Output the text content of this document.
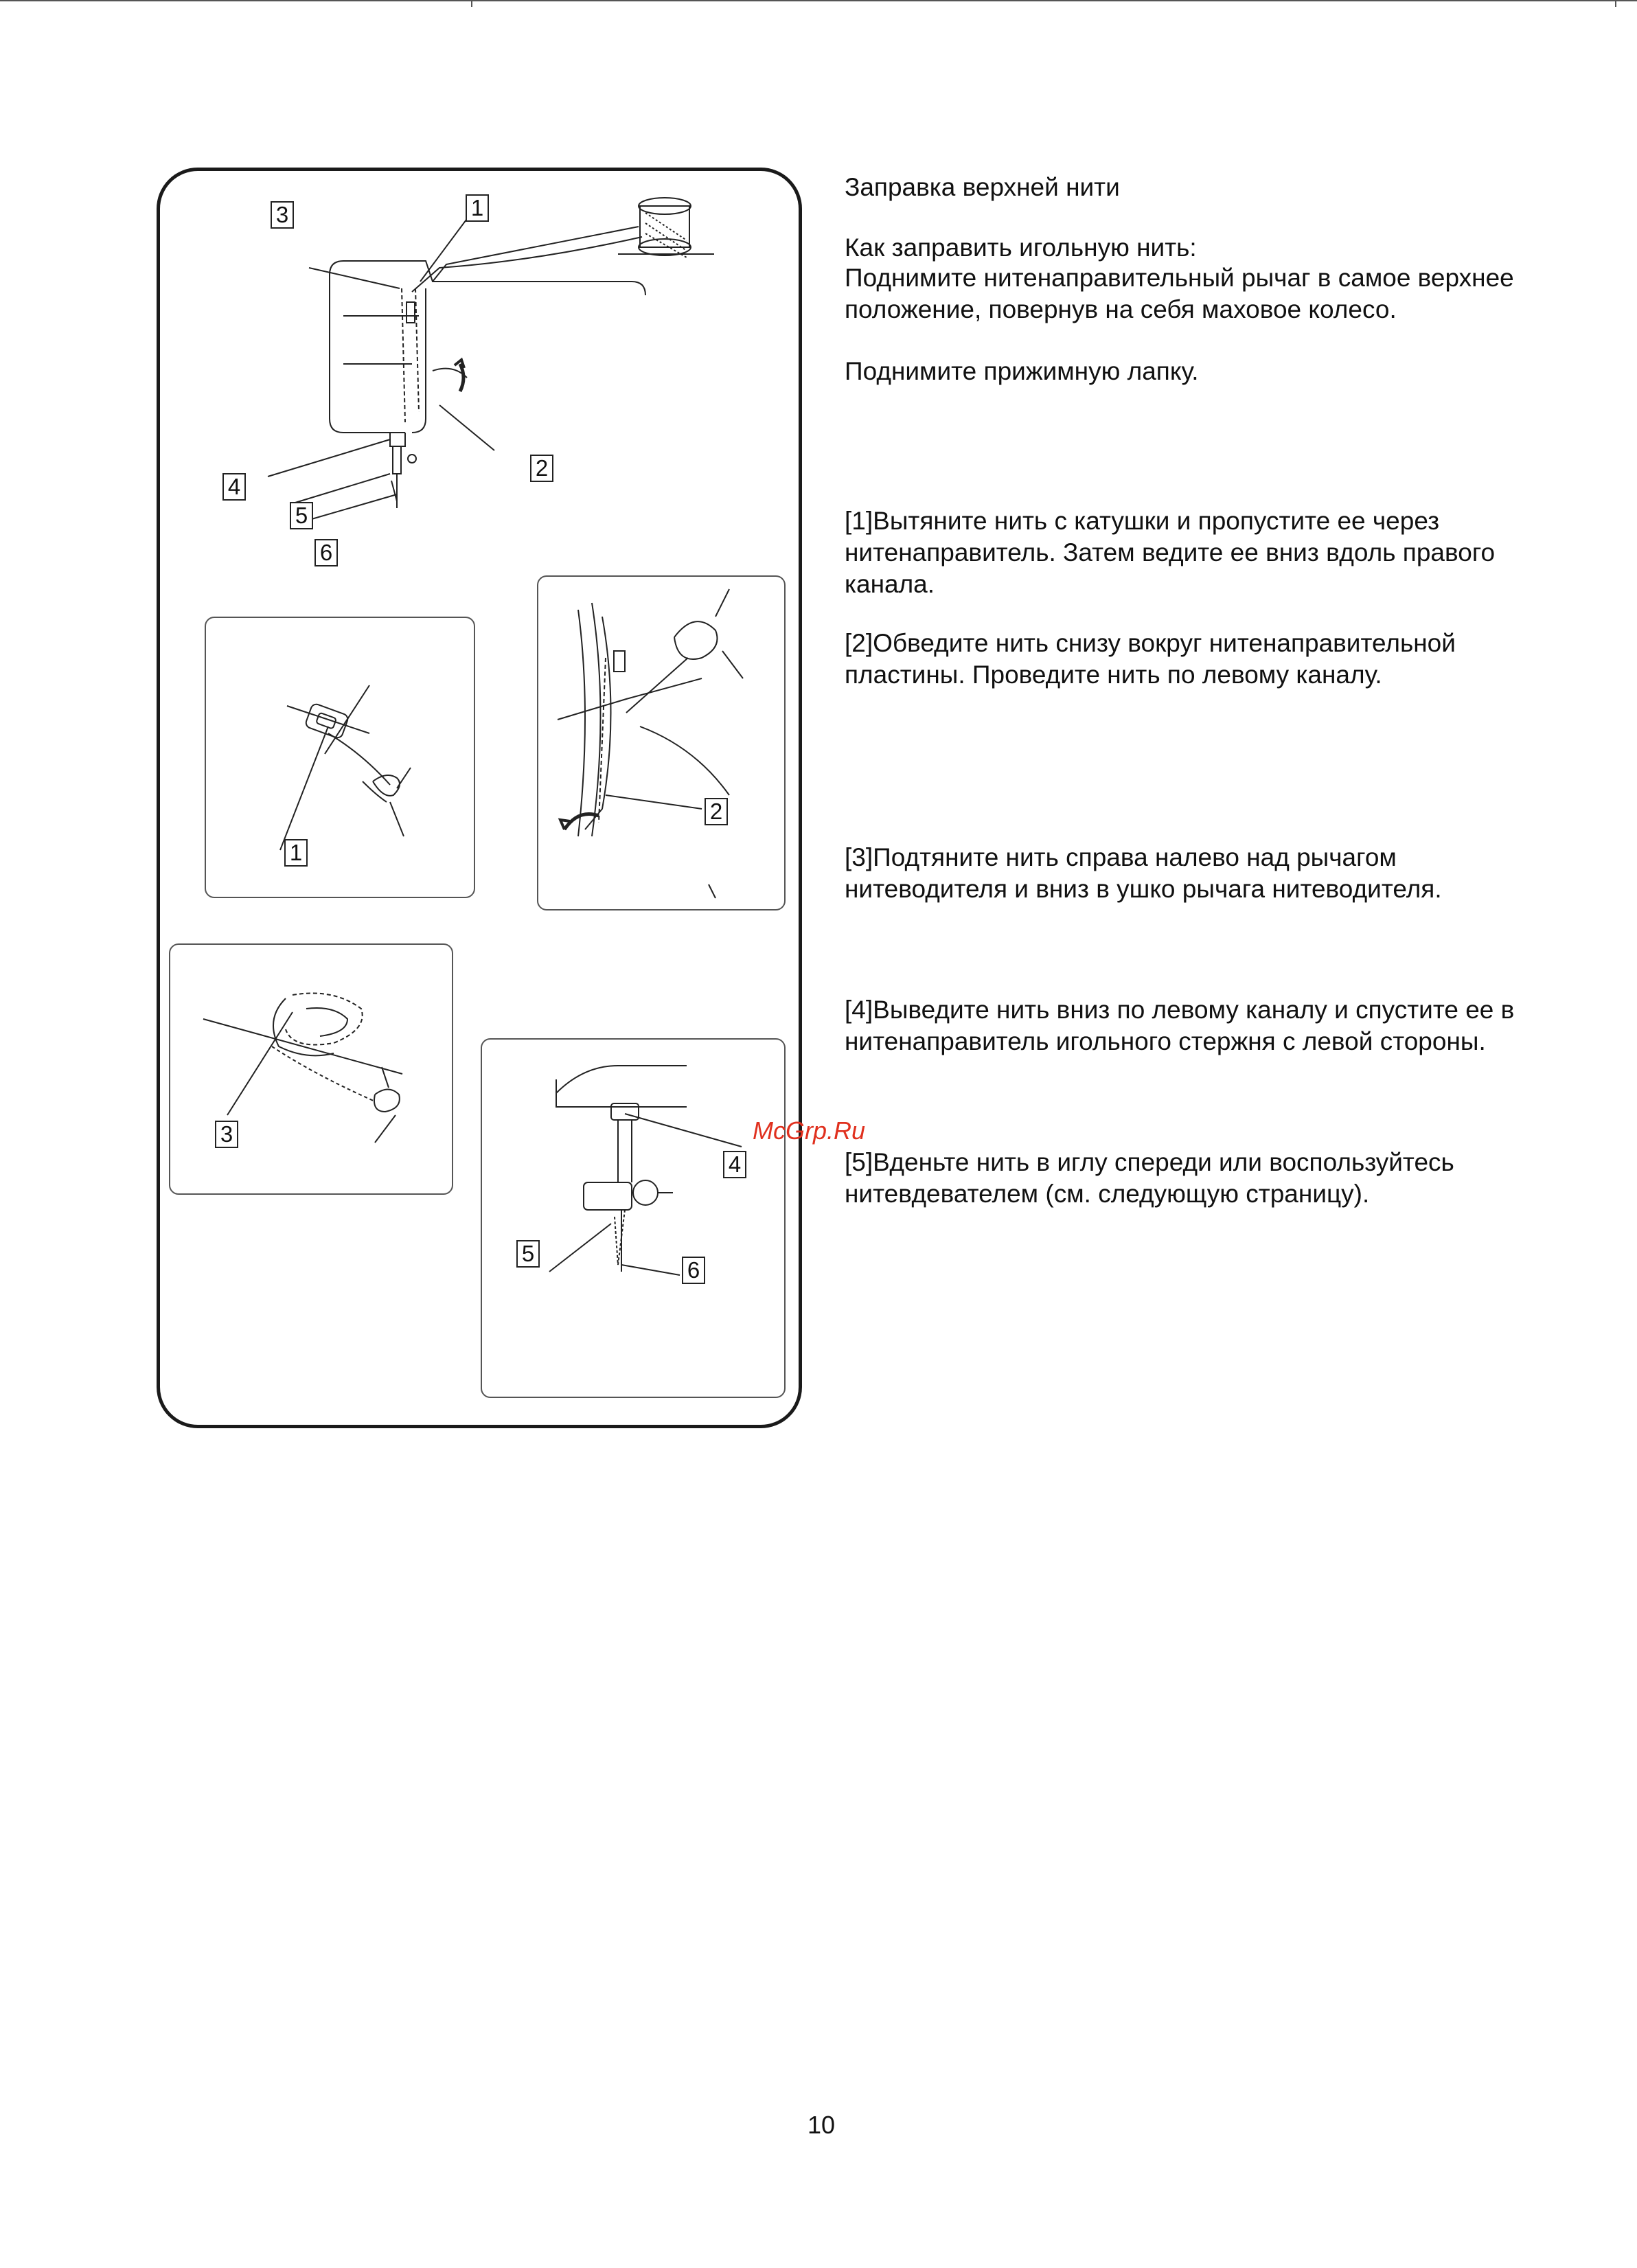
3	1
2
4
5
6
1
2
3
4
5
6

Заправка верхней нити

Как заправить игольную нить:

Поднимите нитенаправительный рычаг в самое верхнее положение, повернув на себя маховое колесо.

Поднимите прижимную лапку.

[1]Вытяните нить с катушки и пропустите ее через нитенаправитель. Затем ведите ее вниз вдоль правого канала.

[2]Обведите нить снизу вокруг нитенаправительной пластины. Проведите нить по левому каналу.

[3]Подтяните нить справа налево над рычагом нитеводителя и вниз в ушко рычага нитеводителя.

[4]Выведите нить вниз по левому каналу и спустите ее в нитенаправитель игольного стержня с левой стороны.

[5]Вденьте нить в иглу спереди или воспользуйтесь нитевдевателем (см. следующую страницу).

McGrp.Ru
10
